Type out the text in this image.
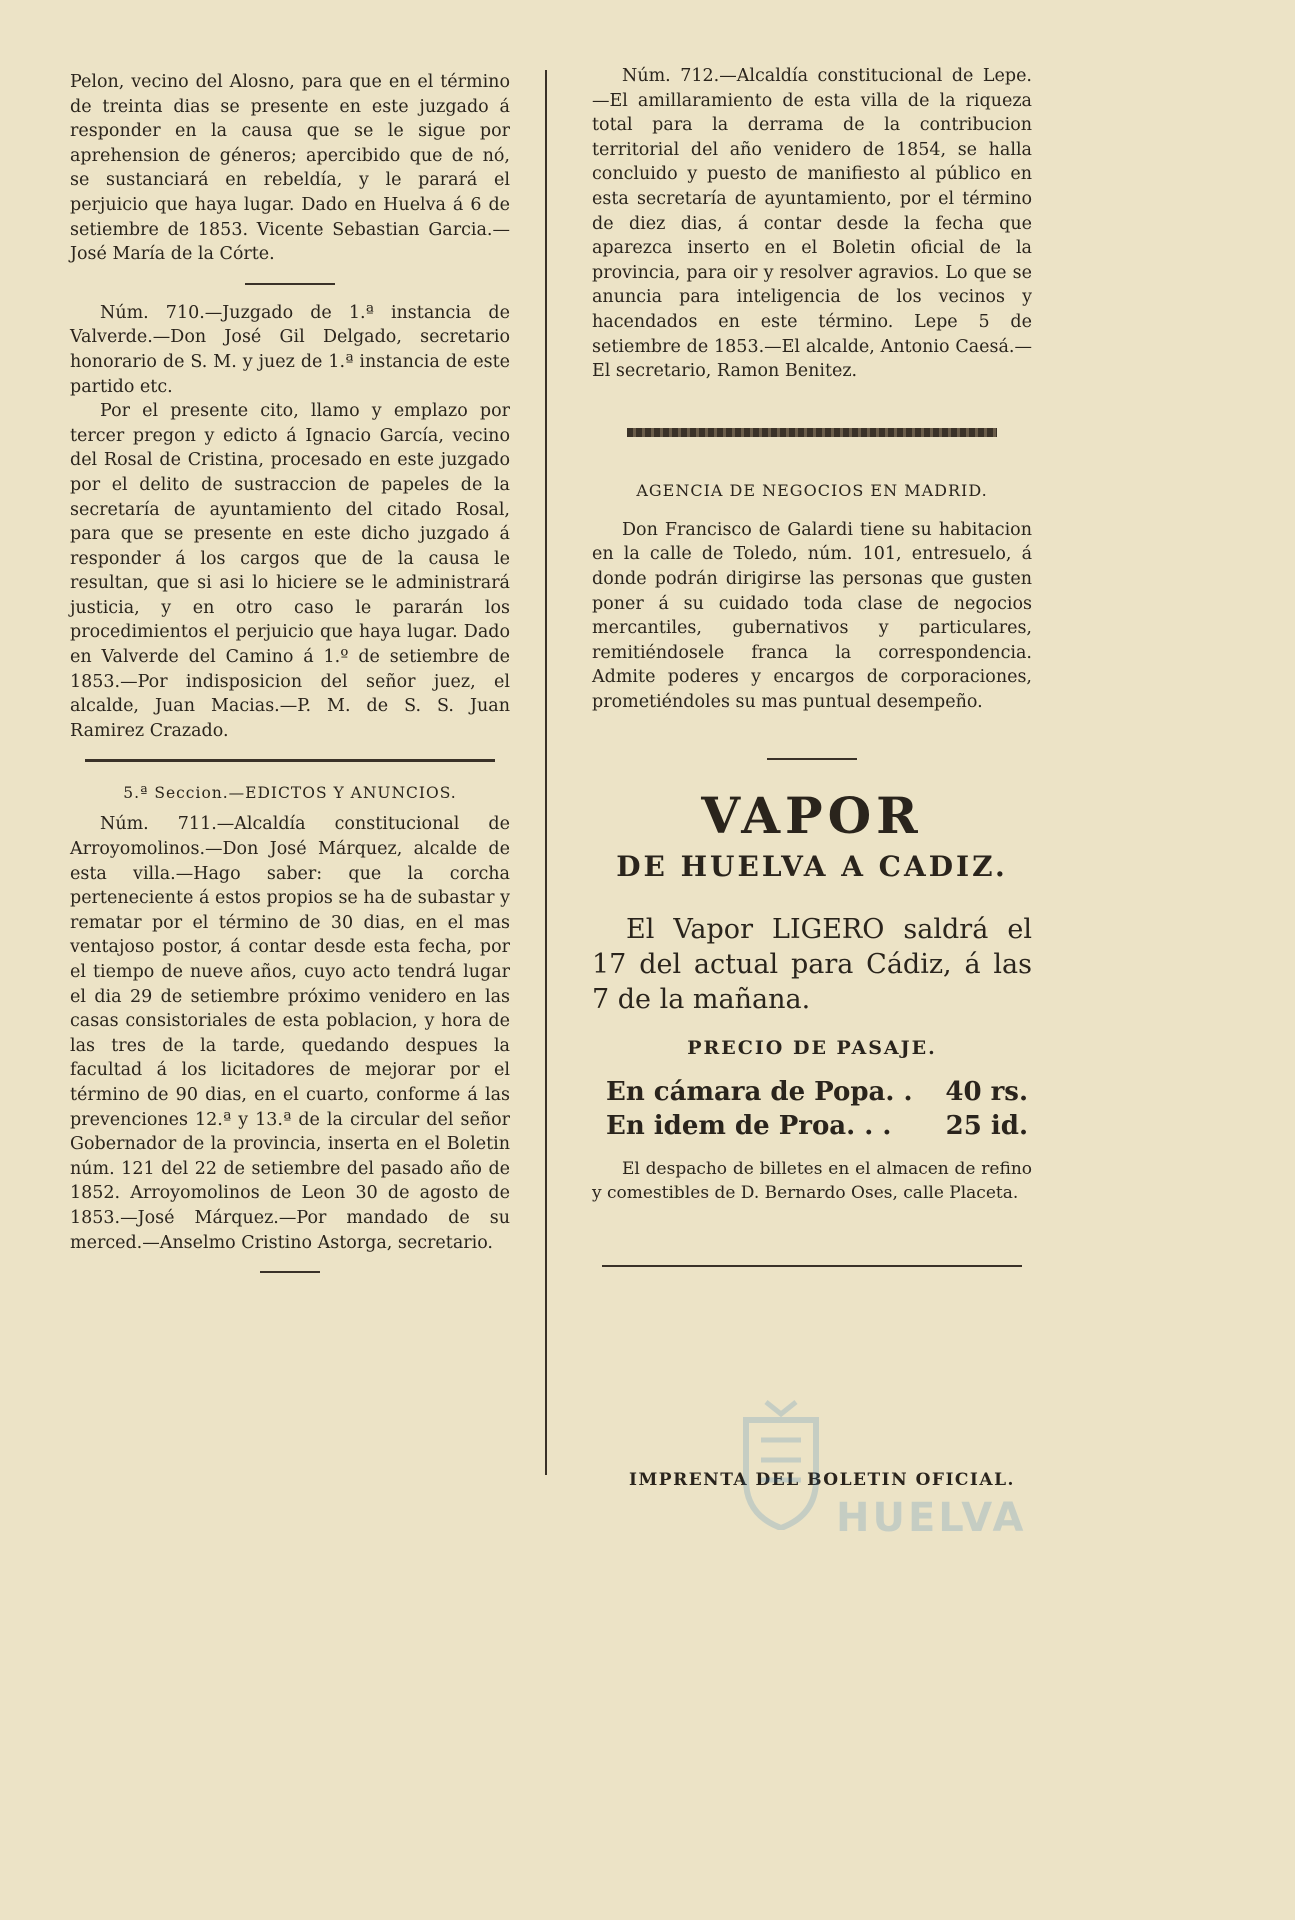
Pelon, vecino del Alosno, para que en el término de treinta dias se presente en este juzgado á responder en la causa que se le sigue por aprehension de géneros; apercibido que de nó, se sustanciará en rebeldía, y le parará el perjuicio que haya lugar. Dado en Huelva á 6 de setiembre de 1853. Vicente Sebastian Garcia.—José María de la Córte.

Núm. 710.—Juzgado de 1.ª instancia de Valverde.—Don José Gil Delgado, secretario honorario de S. M. y juez de 1.ª instancia de este partido etc.

Por el presente cito, llamo y emplazo por tercer pregon y edicto á Ignacio García, vecino del Rosal de Cristina, procesado en este juzgado por el delito de sustraccion de papeles de la secretaría de ayuntamiento del citado Rosal, para que se presente en este dicho juzgado á responder á los cargos que de la causa le resultan, que si asi lo hiciere se le administrará justicia, y en otro caso le pararán los procedimientos el perjuicio que haya lugar. Dado en Valverde del Camino á 1.º de setiembre de 1853.—Por indisposicion del señor juez, el alcalde, Juan Macias.—P. M. de S. S. Juan Ramirez Crazado.

5.ª Seccion.—EDICTOS Y ANUNCIOS.

Núm. 711.—Alcaldía constitucional de Arroyomolinos.—Don José Márquez, alcalde de esta villa.—Hago saber: que la corcha perteneciente á estos propios se ha de subastar y rematar por el término de 30 dias, en el mas ventajoso postor, á contar desde esta fecha, por el tiempo de nueve años, cuyo acto tendrá lugar el dia 29 de setiembre próximo venidero en las casas consistoriales de esta poblacion, y hora de las tres de la tarde, quedando despues la facultad á los licitadores de mejorar por el término de 90 dias, en el cuarto, conforme á las prevenciones 12.ª y 13.ª de la circular del señor Gobernador de la provincia, inserta en el Boletin núm. 121 del 22 de setiembre del pasado año de 1852. Arroyomolinos de Leon 30 de agosto de 1853.—José Márquez.—Por mandado de su merced.—Anselmo Cristino Astorga, secretario.

Núm. 712.—Alcaldía constitucional de Lepe.—El amillaramiento de esta villa de la riqueza total para la derrama de la contribucion territorial del año venidero de 1854, se halla concluido y puesto de manifiesto al público en esta secretaría de ayuntamiento, por el término de diez dias, á contar desde la fecha que aparezca inserto en el Boletin oficial de la provincia, para oir y resolver agravios. Lo que se anuncia para inteligencia de los vecinos y hacendados en este término. Lepe 5 de setiembre de 1853.—El alcalde, Antonio Caesá.—El secretario, Ramon Benitez.

AGENCIA DE NEGOCIOS EN MADRID.

Don Francisco de Galardi tiene su habitacion en la calle de Toledo, núm. 101, entresuelo, á donde podrán dirigirse las personas que gusten poner á su cuidado toda clase de negocios mercantiles, gubernativos y particulares, remitiéndosele franca la correspondencia. Admite poderes y encargos de corporaciones, prometiéndoles su mas puntual desempeño.

VAPOR
DE HUELVA A CADIZ.

El Vapor LIGERO saldrá el 17 del actual para Cádiz, á las 7 de la mañana.

PRECIO DE PASAJE.
En cámara de Popa. .	40 rs.
En idem de Proa. . .	25 id.

El despacho de billetes en el almacen de refino y comestibles de D. Bernardo Oses, calle Placeta.

IMPRENTA DEL BOLETIN OFICIAL.
HUELVA
